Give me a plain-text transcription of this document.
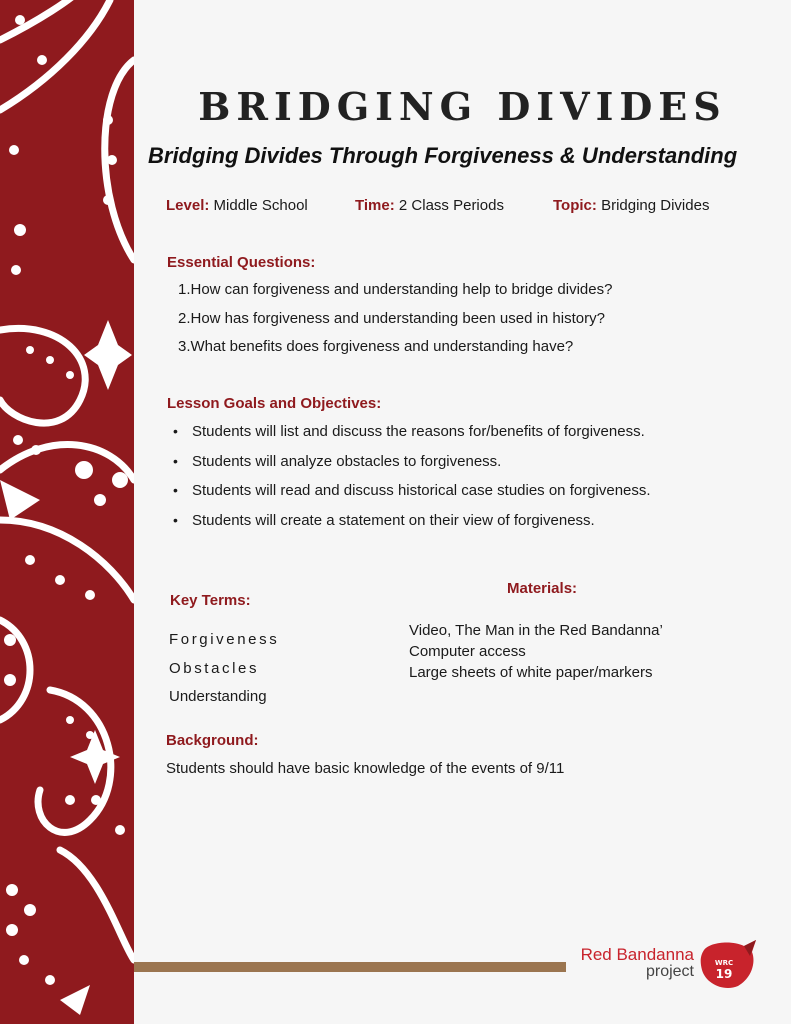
BRIDGING DIVIDES
Bridging Divides Through Forgiveness & Understanding
Level: Middle School	Time: 2 Class Periods	Topic: Bridging Divides
Essential Questions:
1.How can forgiveness and understanding help to bridge divides?
2.How has forgiveness and understanding been used in history?
3.What benefits does forgiveness and understanding have?
Lesson Goals and Objectives:
• Students will list and discuss the reasons for/benefits of forgiveness.
• Students will analyze obstacles to forgiveness.
• Students will read and discuss historical case studies on forgiveness.
• Students will create a statement on their view of forgiveness.
Key Terms:
Forgiveness
Obstacles
Understanding
Materials:
Video, The Man in the Red Bandanna’
Computer access
Large sheets of white paper/markers
Background:
Students should have basic knowledge of the events of 9/11
Red Bandanna
project	WRC
19
